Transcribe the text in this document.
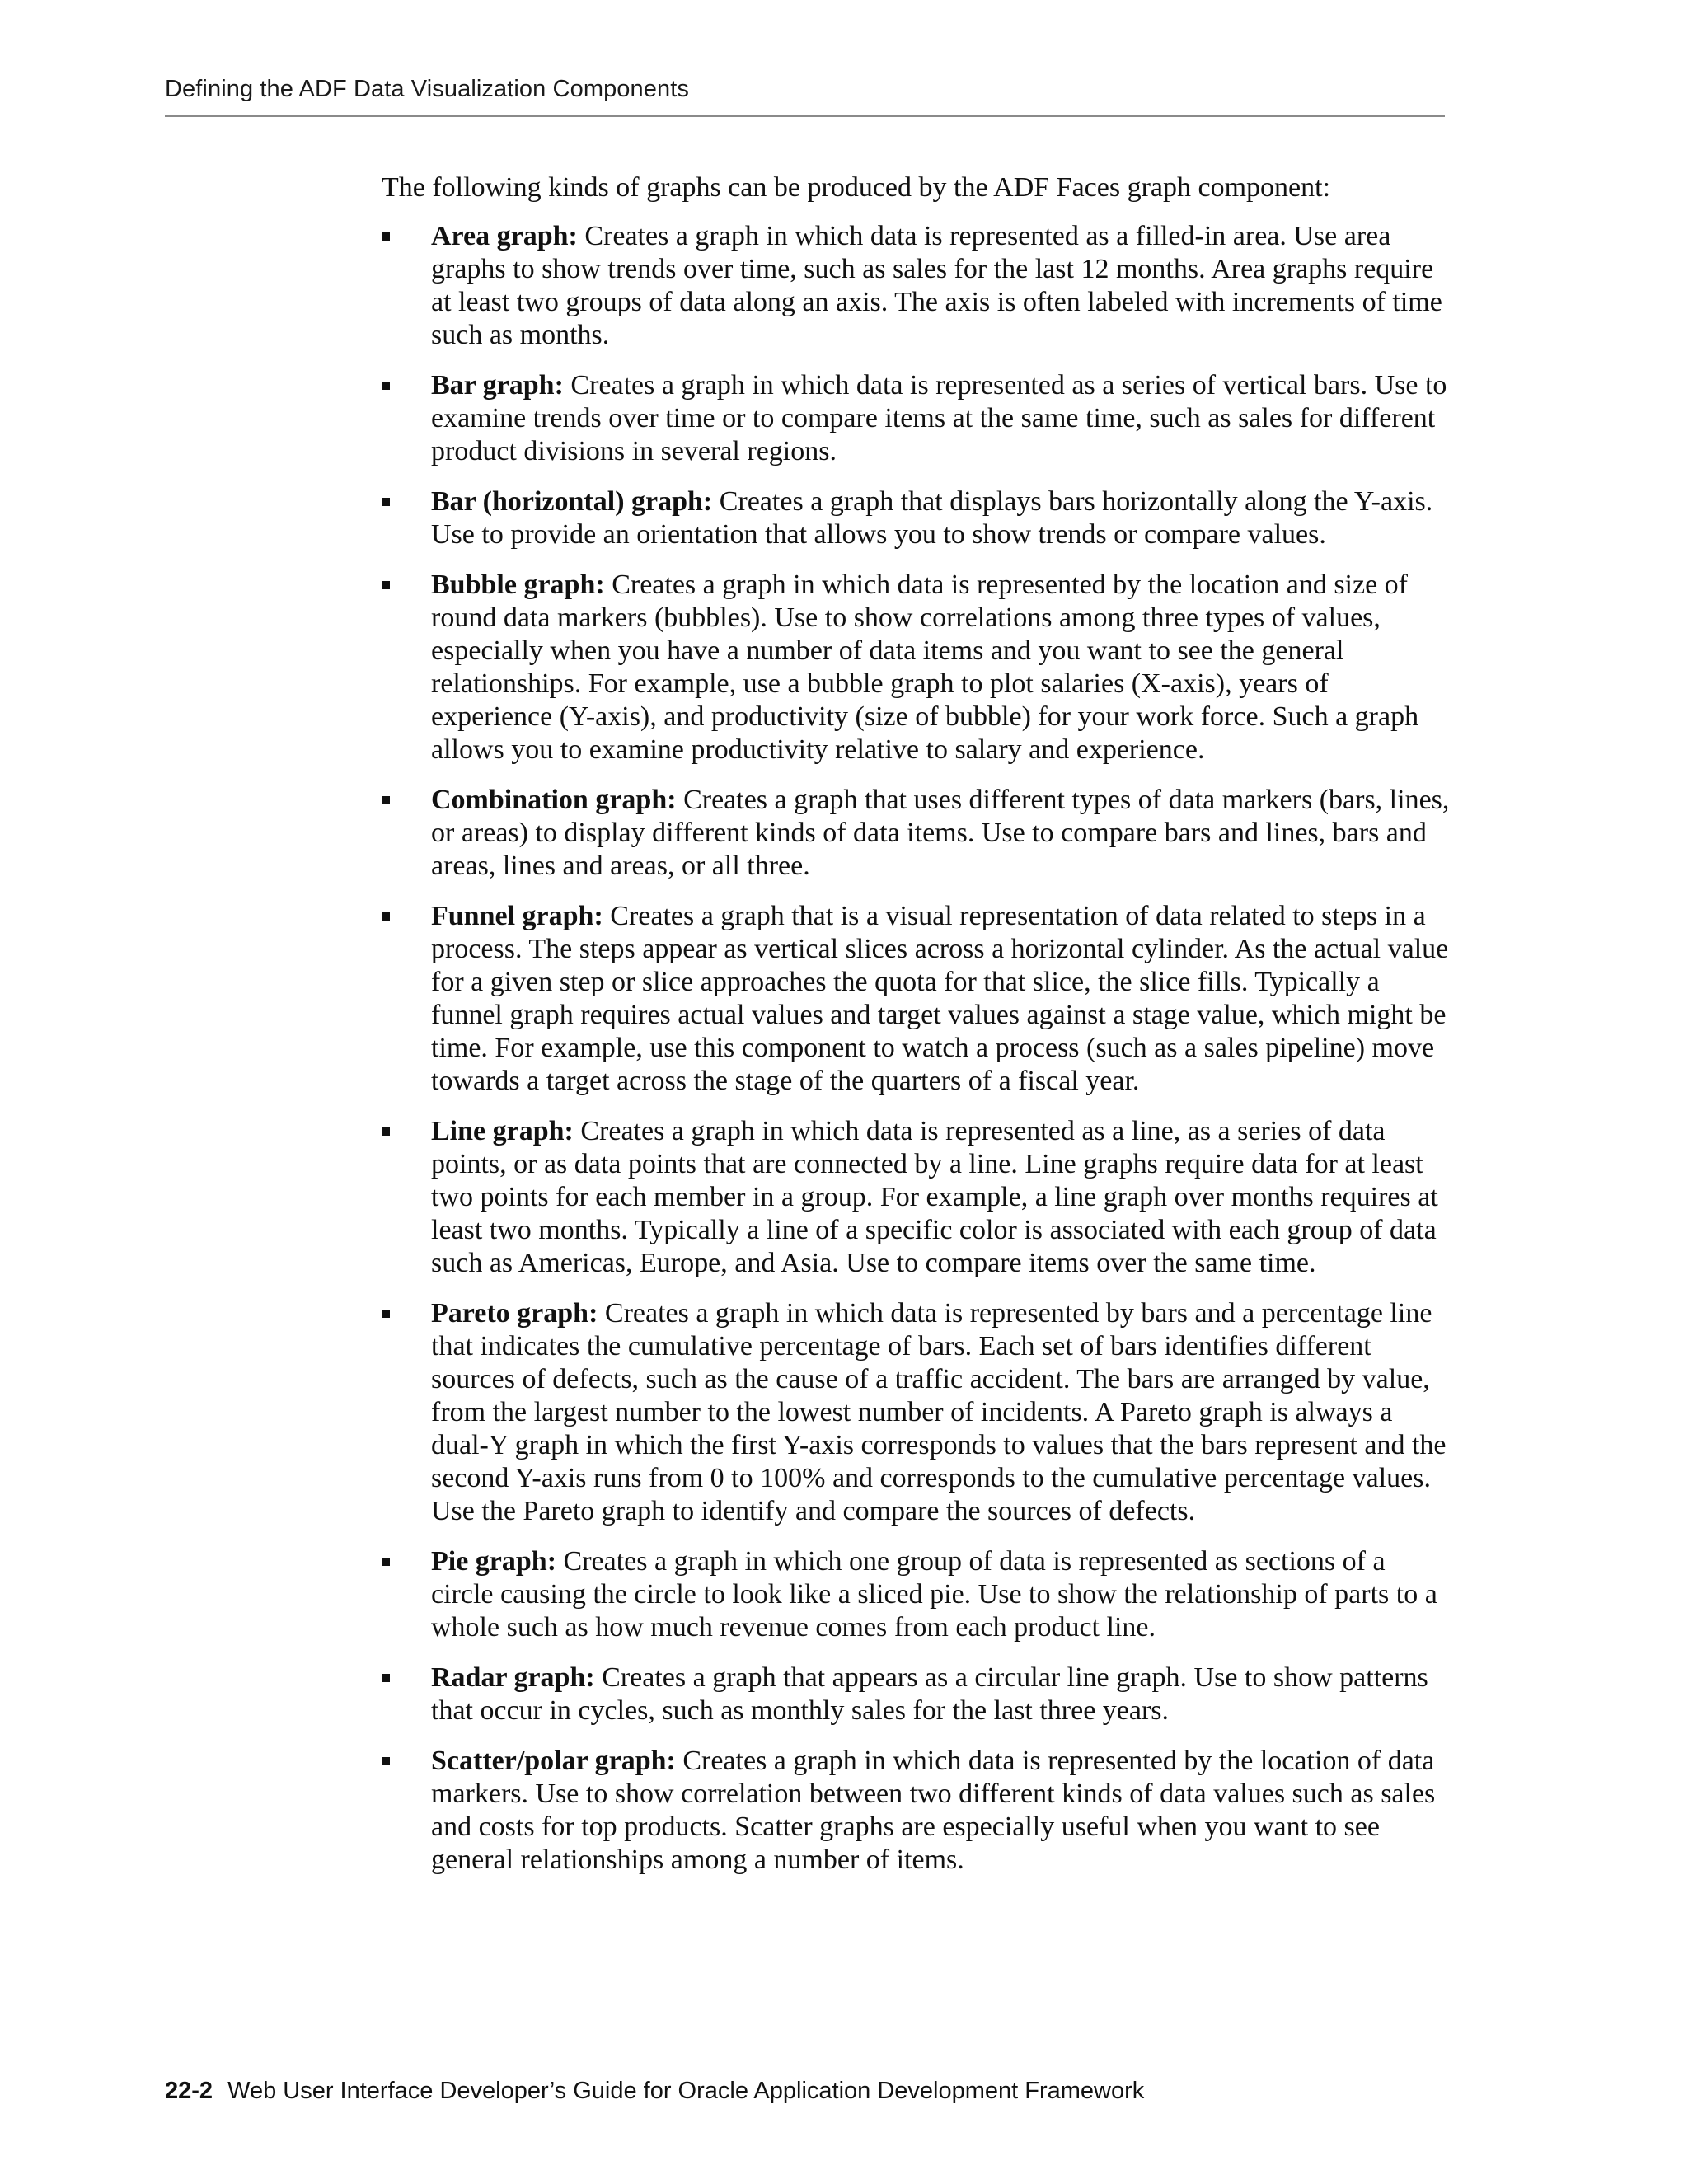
Defining the ADF Data Visualization Components

The following kinds of graphs can be produced by the ADF Faces graph component:

Area graph: Creates a graph in which data is represented as a filled-in area. Use area graphs to show trends over time, such as sales for the last 12 months. Area graphs require at least two groups of data along an axis. The axis is often labeled with increments of time such as months.
Bar graph: Creates a graph in which data is represented as a series of vertical bars. Use to examine trends over time or to compare items at the same time, such as sales for different product divisions in several regions.
Bar (horizontal) graph: Creates a graph that displays bars horizontally along the Y-axis. Use to provide an orientation that allows you to show trends or compare values.
Bubble graph: Creates a graph in which data is represented by the location and size of round data markers (bubbles). Use to show correlations among three types of values, especially when you have a number of data items and you want to see the general relationships. For example, use a bubble graph to plot salaries (X-axis), years of experience (Y-axis), and productivity (size of bubble) for your work force. Such a graph allows you to examine productivity relative to salary and experience.
Combination graph: Creates a graph that uses different types of data markers (bars, lines, or areas) to display different kinds of data items. Use to compare bars and lines, bars and areas, lines and areas, or all three.
Funnel graph: Creates a graph that is a visual representation of data related to steps in a process. The steps appear as vertical slices across a horizontal cylinder. As the actual value for a given step or slice approaches the quota for that slice, the slice fills. Typically a funnel graph requires actual values and target values against a stage value, which might be time. For example, use this component to watch a process (such as a sales pipeline) move towards a target across the stage of the quarters of a fiscal year.
Line graph: Creates a graph in which data is represented as a line, as a series of data points, or as data points that are connected by a line. Line graphs require data for at least two points for each member in a group. For example, a line graph over months requires at least two months. Typically a line of a specific color is associated with each group of data such as Americas, Europe, and Asia. Use to compare items over the same time.
Pareto graph: Creates a graph in which data is represented by bars and a percentage line that indicates the cumulative percentage of bars. Each set of bars identifies different sources of defects, such as the cause of a traffic accident. The bars are arranged by value, from the largest number to the lowest number of incidents. A Pareto graph is always a dual-Y graph in which the first Y-axis corresponds to values that the bars represent and the second Y-axis runs from 0 to 100% and corresponds to the cumulative percentage values. Use the Pareto graph to identify and compare the sources of defects.
Pie graph: Creates a graph in which one group of data is represented as sections of a circle causing the circle to look like a sliced pie. Use to show the relationship of parts to a whole such as how much revenue comes from each product line.
Radar graph: Creates a graph that appears as a circular line graph. Use to show patterns that occur in cycles, such as monthly sales for the last three years.
Scatter/polar graph: Creates a graph in which data is represented by the location of data markers. Use to show correlation between two different kinds of data values such as sales and costs for top products. Scatter graphs are especially useful when you want to see general relationships among a number of items.
22-2 Web User Interface Developer’s Guide for Oracle Application Development Framework
